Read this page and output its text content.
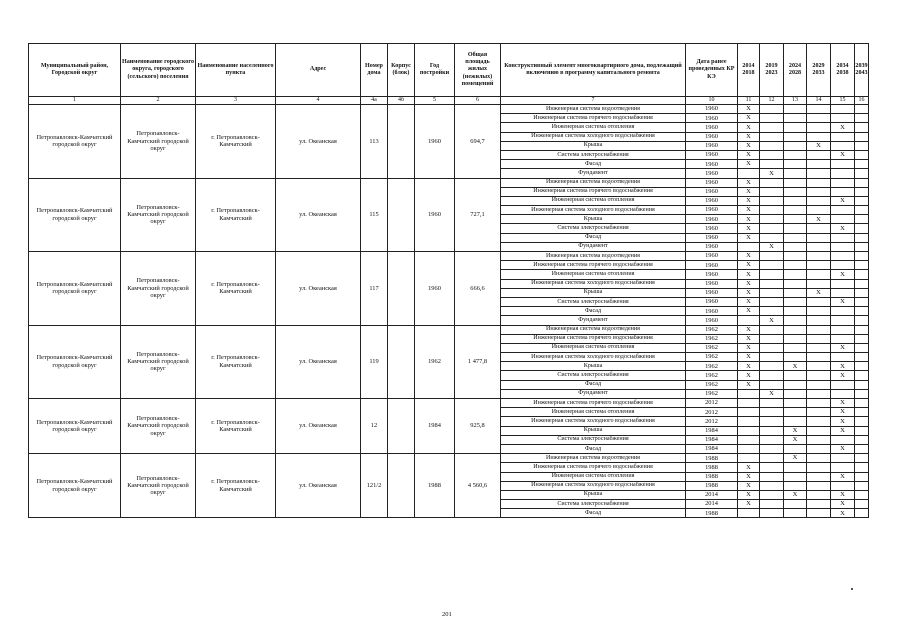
Муниципальный район, Городской округ	Наименование городского округа, городского (сельского) поселения	Наименование населенного пункта	Адрес	Номер дома	Корпус (блок)	Год постройки	Общая площадь жилых (нежилых) помещений	Конструктивный элемент многоквартирного дома, подлежащий включению в программу капитального ремонта	Дата ранее проведенных КР КЭ	2014 2018	2019 2023	2024 2028	2029 2033	2034 2038	2039 2043
1	2	3	4	4а	4б	5	6	7	10	11	12	13	14	15	16
Петропавловск-Камчатский городской округ	Петропавловск-Камчатский городской округ	г. Петропавловск-Камчатский	ул. Океанская	113		1960	694,7	Инженерная система водоотведения	1960	X					
								Инженерная система горячего водоснабжения	1960	X					
								Инженерная система отопления	1960	X				X	
								Инженерная система холодного водоснабжения	1960	X					
								Крыша	1960	X			X		
								Система электроснабжения	1960	X				X	
								Фасад	1960	X					
								Фундамент	1960		X				
Петропавловск-Камчатский городской округ	Петропавловск-Камчатский городской округ	г. Петропавловск-Камчатский	ул. Океанская	115		1960	727,1	Инженерная система водоотведения	1960	X					
								Инженерная система горячего водоснабжения	1960	X					
								Инженерная система отопления	1960	X				X	
								Инженерная система холодного водоснабжения	1960	X					
								Крыша	1960	X			X		
								Система электроснабжения	1960	X				X	
								Фасад	1960	X					
								Фундамент	1960		X				
Петропавловск-Камчатский городской округ	Петропавловск-Камчатский городской округ	г. Петропавловск-Камчатский	ул. Океанская	117		1960	666,6	Инженерная система водоотведения	1960	X					
								Инженерная система горячего водоснабжения	1960	X					
								Инженерная система отопления	1960	X				X	
								Инженерная система холодного водоснабжения	1960	X					
								Крыша	1960	X			X		
								Система электроснабжения	1960	X				X	
								Фасад	1960	X					
								Фундамент	1960		X				
Петропавловск-Камчатский городской округ	Петропавловск-Камчатский городской округ	г. Петропавловск-Камчатский	ул. Океанская	119		1962	1 477,8	Инженерная система водоотведения	1962	X					
								Инженерная система горячего водоснабжения	1962	X					
								Инженерная система отопления	1962	X				X	
								Инженерная система холодного водоснабжения	1962	X					
								Крыша	1962	X		X		X	
								Система электроснабжения	1962	X				X	
								Фасад	1962	X					
								Фундамент	1962		X				
Петропавловск-Камчатский городской округ	Петропавловск-Камчатский городской округ	г. Петропавловск-Камчатский	ул. Океанская	12		1984	925,8	Инженерная система горячего водоснабжения	2012					X	
								Инженерная система отопления	2012					X	
								Инженерная система холодного водоснабжения	2012					X	
								Крыша	1984			X		X	
								Система электроснабжения	1984			X			
								Фасад	1984					X	
Петропавловск-Камчатский городской округ	Петропавловск-Камчатский городской округ	г. Петропавловск-Камчатский	ул. Океанская	121/2		1988	4 560,6	Инженерная система водоотведения	1988			X			
								Инженерная система горячего водоснабжения	1988	X					
								Инженерная система отопления	1988	X				X	
								Инженерная система холодного водоснабжения	1988	X					
								Крыша	2014	X		X		X	
								Система электроснабжения	2014	X				X	
								Фасад	1988					X	
201
